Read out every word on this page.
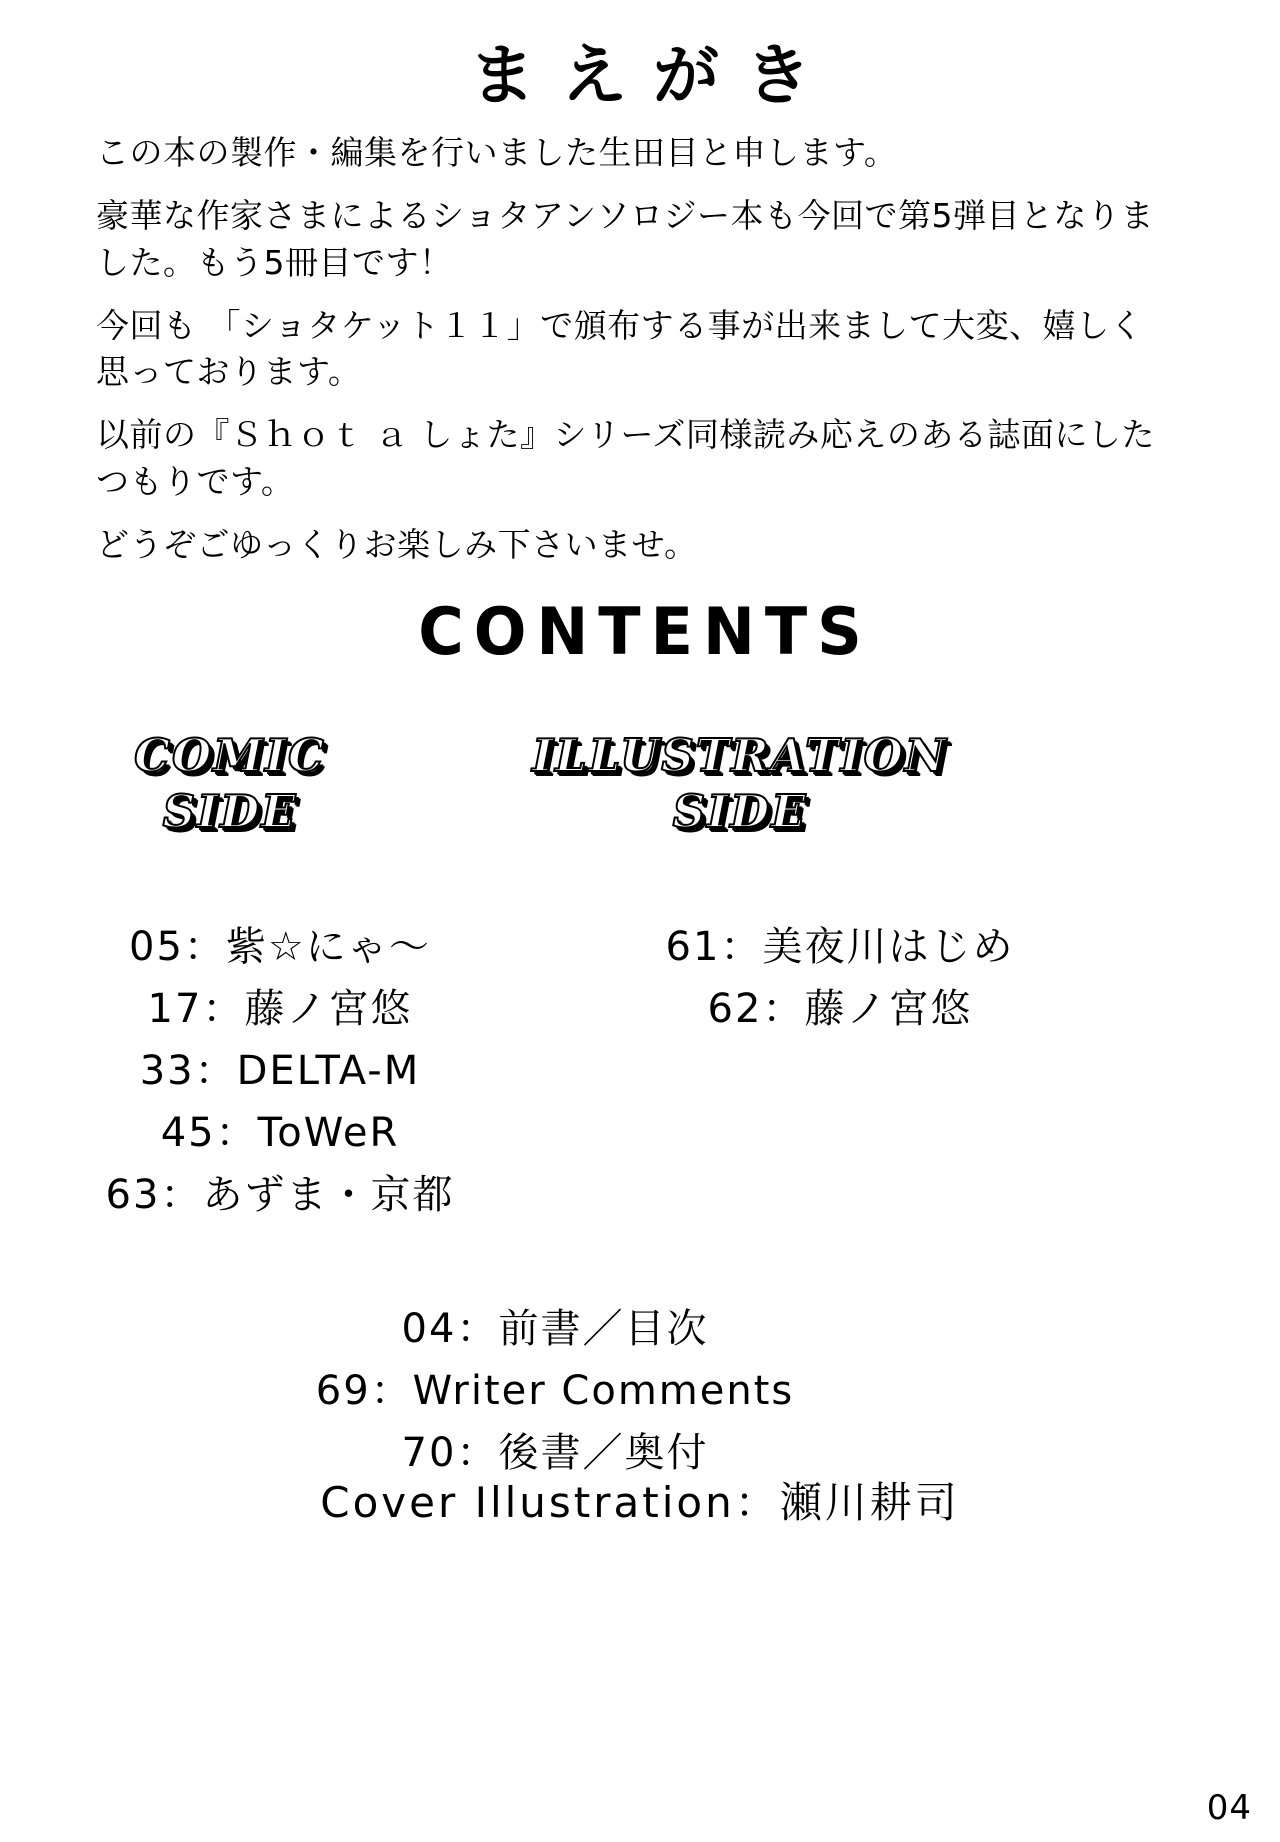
まえがき

この本の製作・編集を行いました生田目と申します。

豪華な作家さまによるショタアンソロジー本も今回で第5弾目となりました。もう5冊目です！

今回も 「ショタケット１１」で頒布する事が出来まして大変、嬉しく思っております。

以前の『Ｓｈｏｔ ａ しょた』シリーズ同様読み応えのある誌面にしたつもりです。

どうぞごゆっくりお楽しみ下さいませ。

CONTENTS
COMIC
SIDE
ILLUSTRATION
SIDE
05：紫☆にゃ～	61：美夜川はじめ
17：藤ノ宮悠	62：藤ノ宮悠
33：DELTA-M
45：ToWeR
63：あずま・京都
04：前書／目次
69：Writer Comments
70：後書／奥付
Cover Illustration：瀬川耕司
04
